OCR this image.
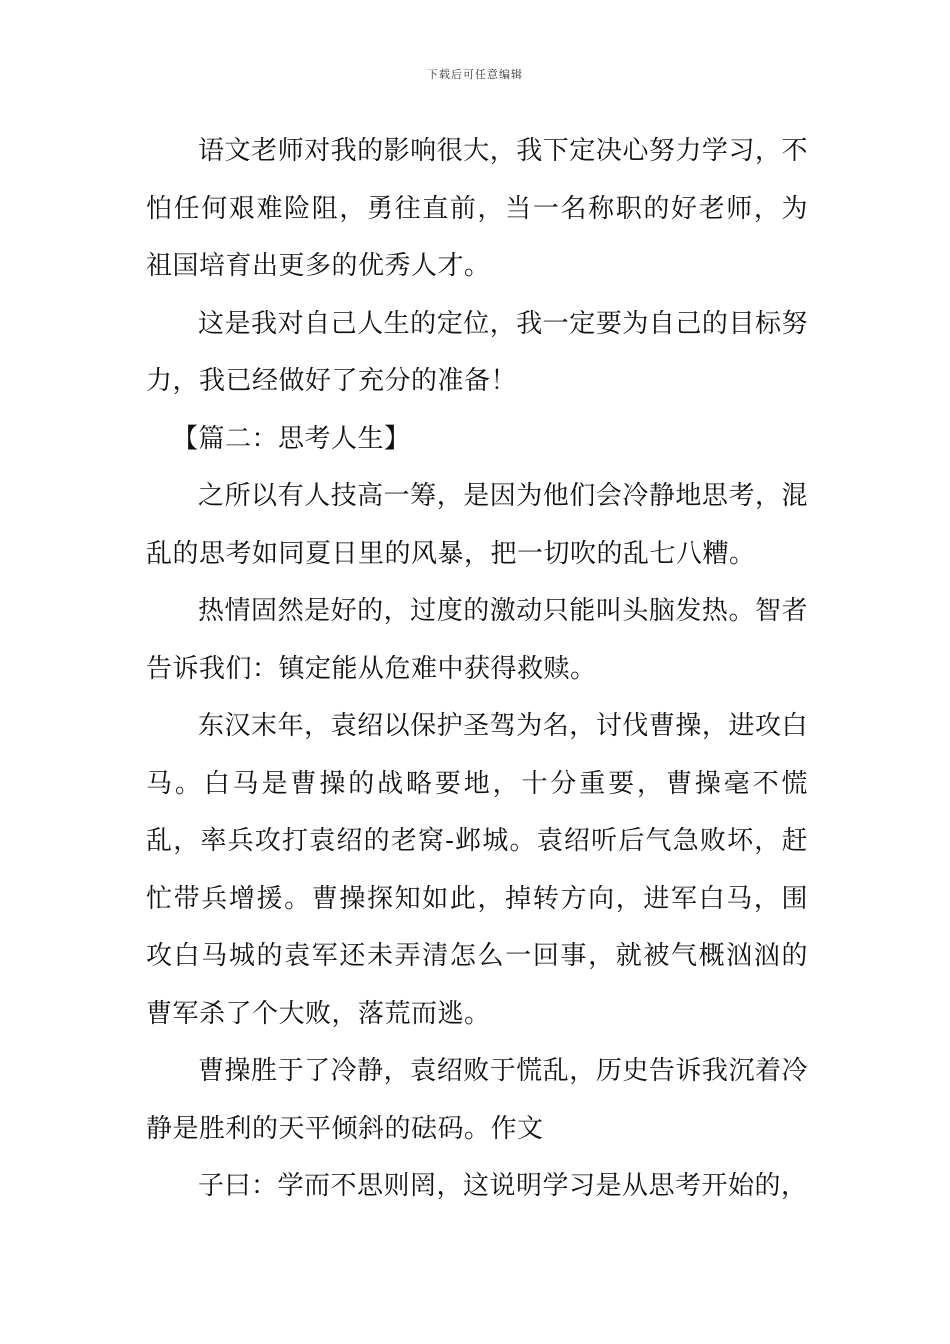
下载后可任意编辑

语文老师对我的影响很大，我下定决心努力学习，不怕任何艰难险阻，勇往直前，当一名称职的好老师，为祖国培育出更多的优秀人才。

这是我对自己人生的定位，我一定要为自己的目标努力，我已经做好了充分的准备！

【篇二：思考人生】

之所以有人技高一筹，是因为他们会冷静地思考，混乱的思考如同夏日里的风暴，把一切吹的乱七八糟。

热情固然是好的，过度的激动只能叫头脑发热。智者告诉我们：镇定能从危难中获得救赎。

东汉末年，袁绍以保护圣驾为名，讨伐曹操，进攻白马。白马是曹操的战略要地，十分重要，曹操毫不慌乱，率兵攻打袁绍的老窝-邺城。袁绍听后气急败坏，赶忙带兵增援。曹操探知如此，掉转方向，进军白马，围攻白马城的袁军还未弄清怎么一回事，就被气概汹汹的曹军杀了个大败，落荒而逃。

曹操胜于了冷静，袁绍败于慌乱，历史告诉我沉着冷静是胜利的天平倾斜的砝码。作文

子曰：学而不思则罔，这说明学习是从思考开始的，
